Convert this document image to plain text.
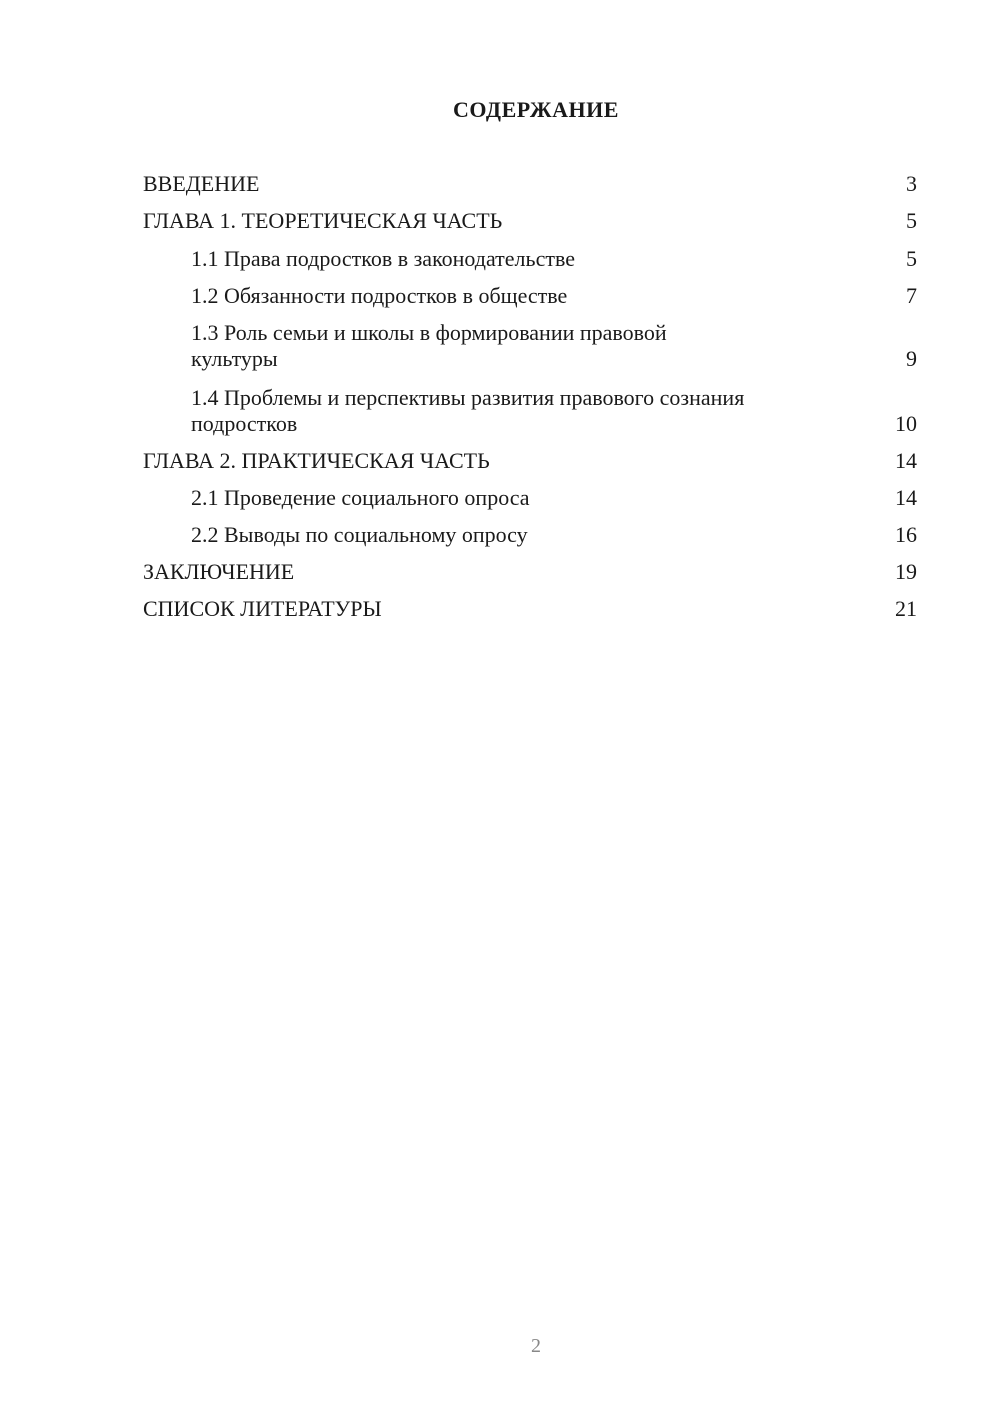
СОДЕРЖАНИЕ
ВВЕДЕНИЕ	3
ГЛАВА 1. ТЕОРЕТИЧЕСКАЯ ЧАСТЬ	5
1.1 Права подростков в законодательстве	5
1.2 Обязанности подростков в обществе	7
1.3 Роль семьи и школы в формировании правовой культуры	9
1.4 Проблемы и перспективы развития правового сознания подростков	10
ГЛАВА 2. ПРАКТИЧЕСКАЯ ЧАСТЬ	14
2.1 Проведение социального опроса	14
2.2 Выводы по социальному опросу	16
ЗАКЛЮЧЕНИЕ	19
СПИСОК ЛИТЕРАТУРЫ	21
2
